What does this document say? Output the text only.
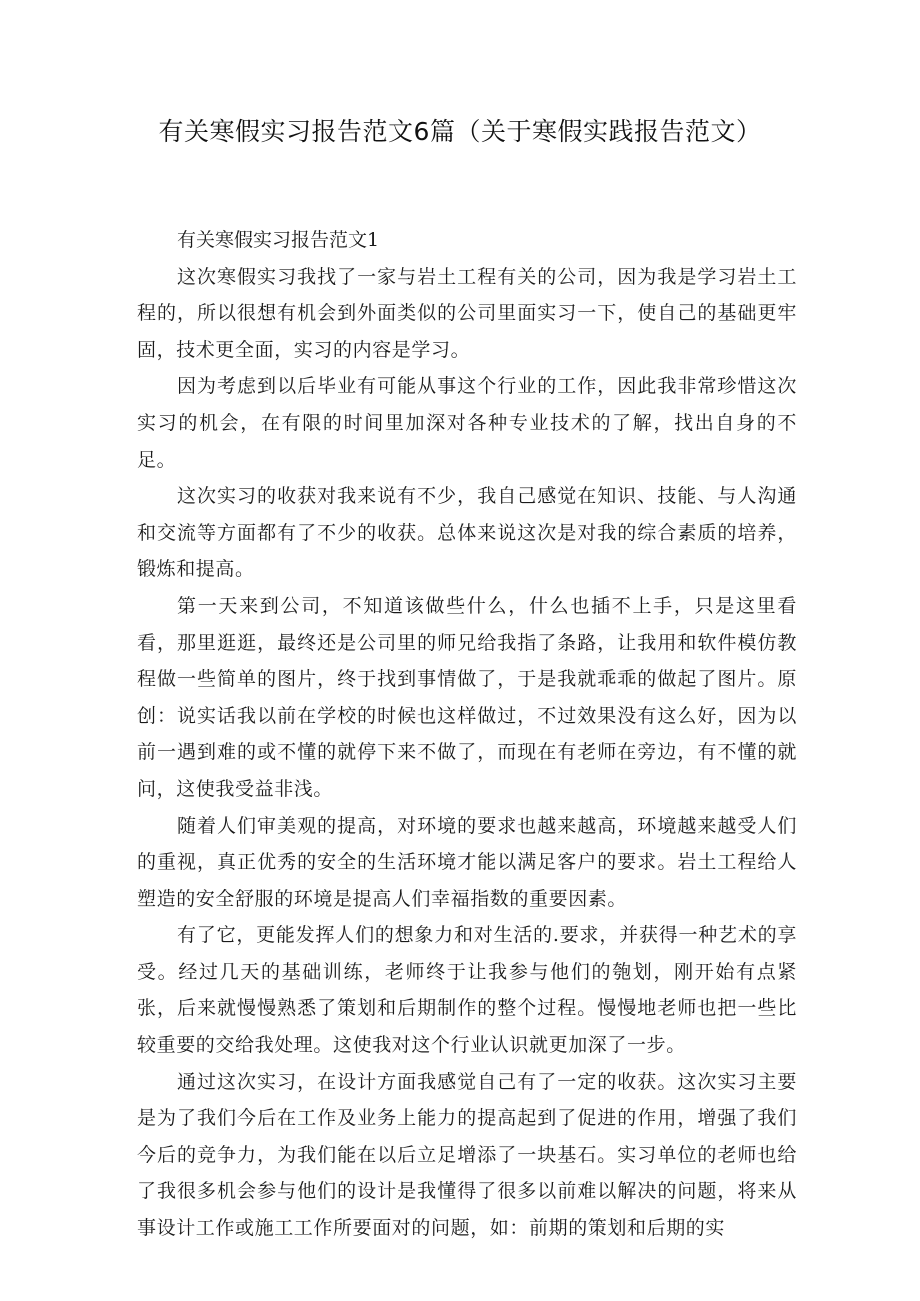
有关寒假实习报告范文6篇（关于寒假实践报告范文）
有关寒假实习报告范文1

这次寒假实习我找了一家与岩土工程有关的公司，因为我是学习岩土工程的，所以很想有机会到外面类似的公司里面实习一下，使自己的基础更牢固，技术更全面，实习的内容是学习。

因为考虑到以后毕业有可能从事这个行业的工作，因此我非常珍惜这次实习的机会，在有限的时间里加深对各种专业技术的了解，找出自身的不足。

这次实习的收获对我来说有不少，我自己感觉在知识、技能、与人沟通和交流等方面都有了不少的收获。总体来说这次是对我的综合素质的培养，锻炼和提高。

第一天来到公司，不知道该做些什么，什么也插不上手，只是这里看看，那里逛逛，最终还是公司里的师兄给我指了条路，让我用和软件模仿教程做一些简单的图片，终于找到事情做了，于是我就乖乖的做起了图片。原创：说实话我以前在学校的时候也这样做过，不过效果没有这么好，因为以前一遇到难的或不懂的就停下来不做了，而现在有老师在旁边，有不懂的就问，这使我受益非浅。

随着人们审美观的提高，对环境的要求也越来越高，环境越来越受人们的重视，真正优秀的安全的生活环境才能以满足客户的要求。岩土工程给人塑造的安全舒服的环境是提高人们幸福指数的重要因素。

有了它，更能发挥人们的想象力和对生活的.要求，并获得一种艺术的享受。经过几天的基础训练，老师终于让我参与他们的匏划，刚开始有点紧张，后来就慢慢熟悉了策划和后期制作的整个过程。慢慢地老师也把一些比较重要的交给我处理。这使我对这个行业认识就更加深了一步。

通过这次实习，在设计方面我感觉自己有了一定的收获。这次实习主要是为了我们今后在工作及业务上能力的提高起到了促进的作用，增强了我们今后的竞争力，为我们能在以后立足增添了一块基石。实习单位的老师也给了我很多机会参与他们的设计是我懂得了很多以前难以解决的问题，将来从事设计工作或施工工作所要面对的问题，如：前期的策划和后期的实
